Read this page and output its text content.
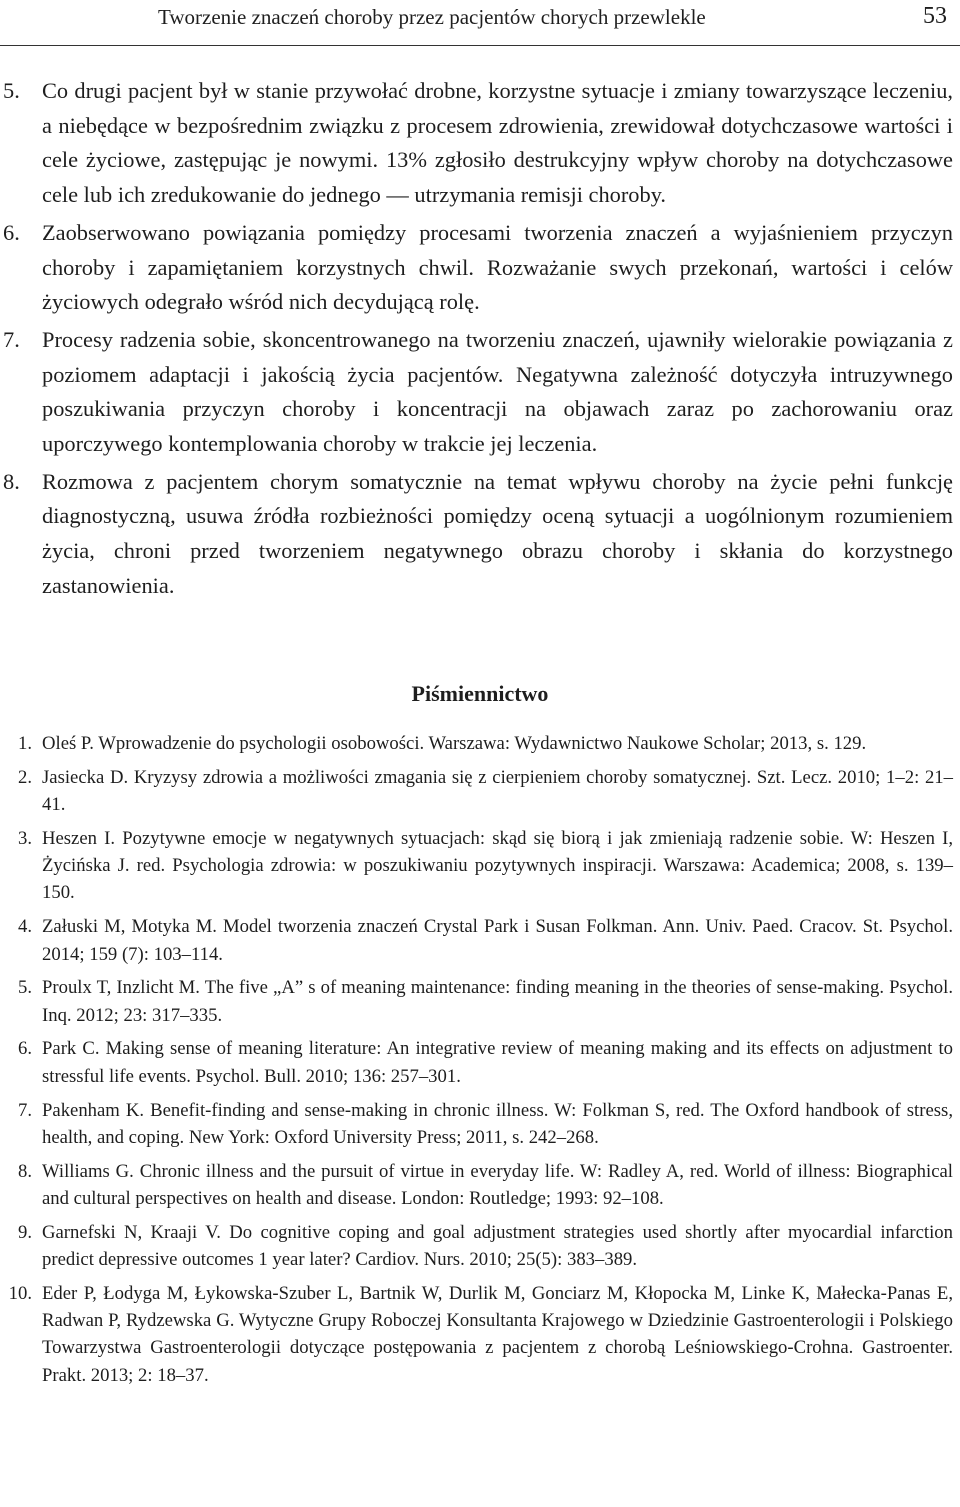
Tworzenie znaczeń choroby przez pacjentów chorych przewlekle	53
5. Co drugi pacjent był w stanie przywołać drobne, korzystne sytuacje i zmiany towarzyszące leczeniu, a niebędące w bezpośrednim związku z procesem zdrowienia, zrewidował dotychczasowe wartości i cele życiowe, zastępując je nowymi. 13% zgłosiło destrukcyjny wpływ choroby na dotychczasowe cele lub ich zredukowanie do jednego — utrzymania remisji choroby.
6. Zaobserwowano powiązania pomiędzy procesami tworzenia znaczeń a wyjaśnieniem przyczyn choroby i zapamiętaniem korzystnych chwil. Rozważanie swych przekonań, wartości i celów życiowych odegrało wśród nich decydującą rolę.
7. Procesy radzenia sobie, skoncentrowanego na tworzeniu znaczeń, ujawniły wielorakie powiązania z poziomem adaptacji i jakością życia pacjentów. Negatywna zależność dotyczyła intruzywnego poszukiwania przyczyn choroby i koncentracji na objawach zaraz po zachorowaniu oraz uporczywego kontemplowania choroby w trakcie jej leczenia.
8. Rozmowa z pacjentem chorym somatycznie na temat wpływu choroby na życie pełni funkcję diagnostyczną, usuwa źródła rozbieżności pomiędzy oceną sytuacji a uogólnionym rozumieniem życia, chroni przed tworzeniem negatywnego obrazu choroby i skłania do korzystnego zastanowienia.
Piśmiennictwo
1. Oleś P. Wprowadzenie do psychologii osobowości. Warszawa: Wydawnictwo Naukowe Scholar; 2013, s. 129.
2. Jasiecka D. Kryzysy zdrowia a możliwości zmagania się z cierpieniem choroby somatycznej. Szt. Lecz. 2010; 1–2: 21–41.
3. Heszen I. Pozytywne emocje w negatywnych sytuacjach: skąd się biorą i jak zmieniają radzenie sobie. W: Heszen I, Życińska J. red. Psychologia zdrowia: w poszukiwaniu pozytywnych inspiracji. Warszawa: Academica; 2008, s. 139–150.
4. Załuski M, Motyka M. Model tworzenia znaczeń Crystal Park i Susan Folkman. Ann. Univ. Paed. Cracov. St. Psychol. 2014; 159 (7): 103–114.
5. Proulx T, Inzlicht M. The five „A” s of meaning maintenance: finding meaning in the theories of sense-making. Psychol. Inq. 2012; 23: 317–335.
6. Park C. Making sense of meaning literature: An integrative review of meaning making and its effects on adjustment to stressful life events. Psychol. Bull. 2010; 136: 257–301.
7. Pakenham K. Benefit-finding and sense-making in chronic illness. W: Folkman S, red. The Oxford handbook of stress, health, and coping. New York: Oxford University Press; 2011, s. 242–268.
8. Williams G. Chronic illness and the pursuit of virtue in everyday life. W: Radley A, red. World of illness: Biographical and cultural perspectives on health and disease. London: Routledge; 1993: 92–108.
9. Garnefski N, Kraaji V. Do cognitive coping and goal adjustment strategies used shortly after myocardial infarction predict depressive outcomes 1 year later? Cardiov. Nurs. 2010; 25(5): 383–389.
10. Eder P, Łodyga M, Łykowska-Szuber L, Bartnik W, Durlik M, Gonciarz M, Kłopocka M, Linke K, Małecka-Panas E, Radwan P, Rydzewska G. Wytyczne Grupy Roboczej Konsultanta Krajowego w Dziedzinie Gastroenterologii i Polskiego Towarzystwa Gastroenterologii dotyczące postępowania z pacjentem z chorobą Leśniowskiego-Crohna. Gastroenter. Prakt. 2013; 2: 18–37.
